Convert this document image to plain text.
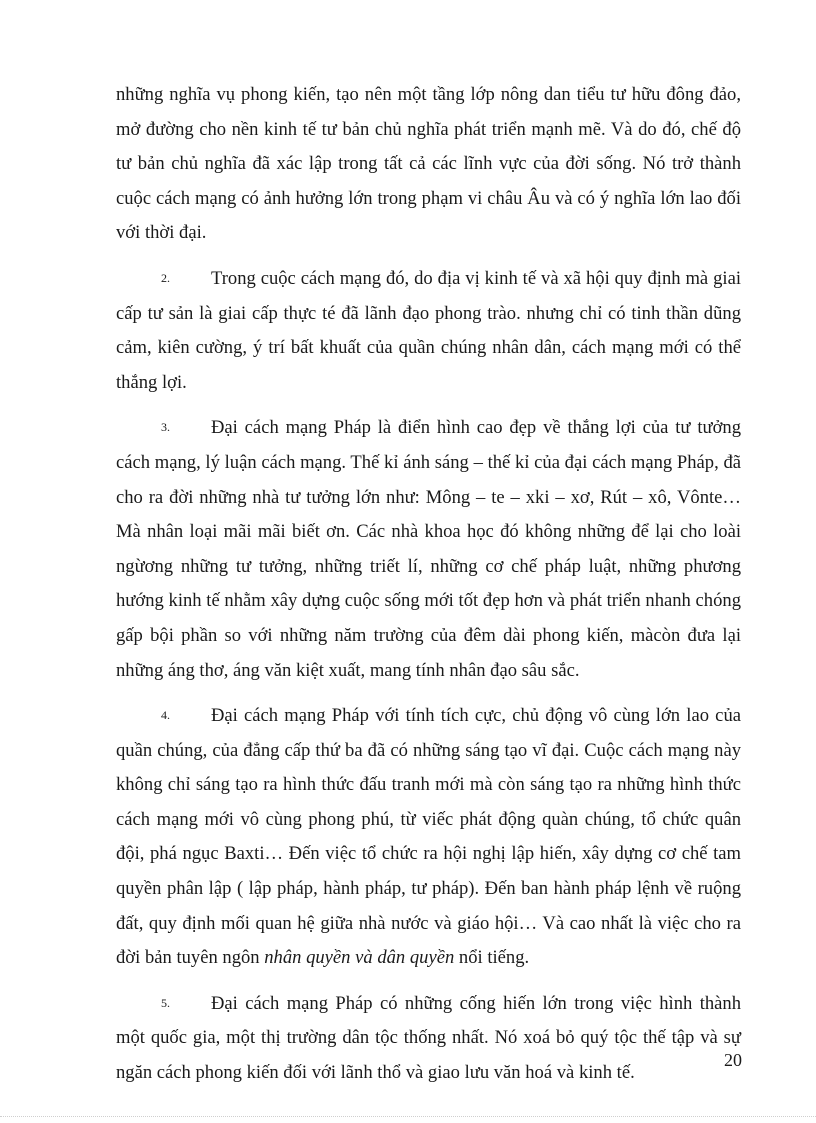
những nghĩa vụ phong kiến, tạo nên một tầng lớp nông dan tiểu tư hữu đông đảo, mở đường cho nền kinh tế tư bản chủ nghĩa phát triển mạnh mẽ. Và do đó, chế độ tư bản chủ nghĩa đã xác lập trong tất cả các lĩnh vực của đời sống. Nó trở thành cuộc cách mạng có ảnh hưởng lớn trong phạm vi châu Âu và có ý nghĩa lớn lao đối với thời đại.

2. Trong cuộc cách mạng đó, do địa vị kinh tế và xã hội quy định mà giai cấp tư sản là giai cấp thực té đã lãnh đạo phong trào. nhưng chỉ có tinh thần dũng cảm, kiên cường, ý trí bất khuất của quần chúng nhân dân, cách mạng mới có thể thắng lợi.

3. Đại cách mạng Pháp là điển hình cao đẹp về thắng lợi của tư tưởng cách mạng, lý luận cách mạng. Thế kỉ ánh sáng – thế kỉ của đại cách mạng Pháp, đã cho ra đời những nhà tư tưởng lớn như: Mông – te – xki – xơ, Rút – xô, Vônte… Mà nhân loại mãi mãi biết ơn. Các nhà khoa học đó không những để lại cho loài ngừơng những tư tưởng, những triết lí, những cơ chế pháp luật, những phương hướng kinh tế nhằm xây dựng cuộc sống mới tốt đẹp hơn và phát triển nhanh chóng gấp bội phần so với những năm trường của đêm dài phong kiến, màcòn đưa lại những áng thơ, áng văn kiệt xuất, mang tính nhân đạo sâu sắc.

4. Đại cách mạng Pháp với tính tích cực, chủ động vô cùng lớn lao của quần chúng, của đẳng cấp thứ ba đã có những sáng tạo vĩ đại. Cuộc cách mạng này không chỉ sáng tạo ra hình thức đấu tranh mới mà còn sáng tạo ra những hình thức cách mạng mới vô cùng phong phú, từ viếc phát động quàn chúng, tổ chức quân đội, phá ngục Baxti… Đến việc tổ chức ra hội nghị lập hiến, xây dựng cơ chế tam quyền phân lập ( lập pháp, hành pháp, tư pháp). Đến ban hành pháp lệnh về ruộng đất, quy định mối quan hệ giữa nhà nước và giáo hội… Và cao nhất là việc cho ra đời bản tuyên ngôn nhân quyền và dân quyền nổi tiếng.

5. Đại cách mạng Pháp có những cống hiến lớn trong việc hình thành một quốc gia, một thị trường dân tộc thống nhất. Nó xoá bỏ quý tộc thế tập và sự ngăn cách phong kiến đối với lãnh thổ và giao lưu văn hoá và kinh tế.

20
